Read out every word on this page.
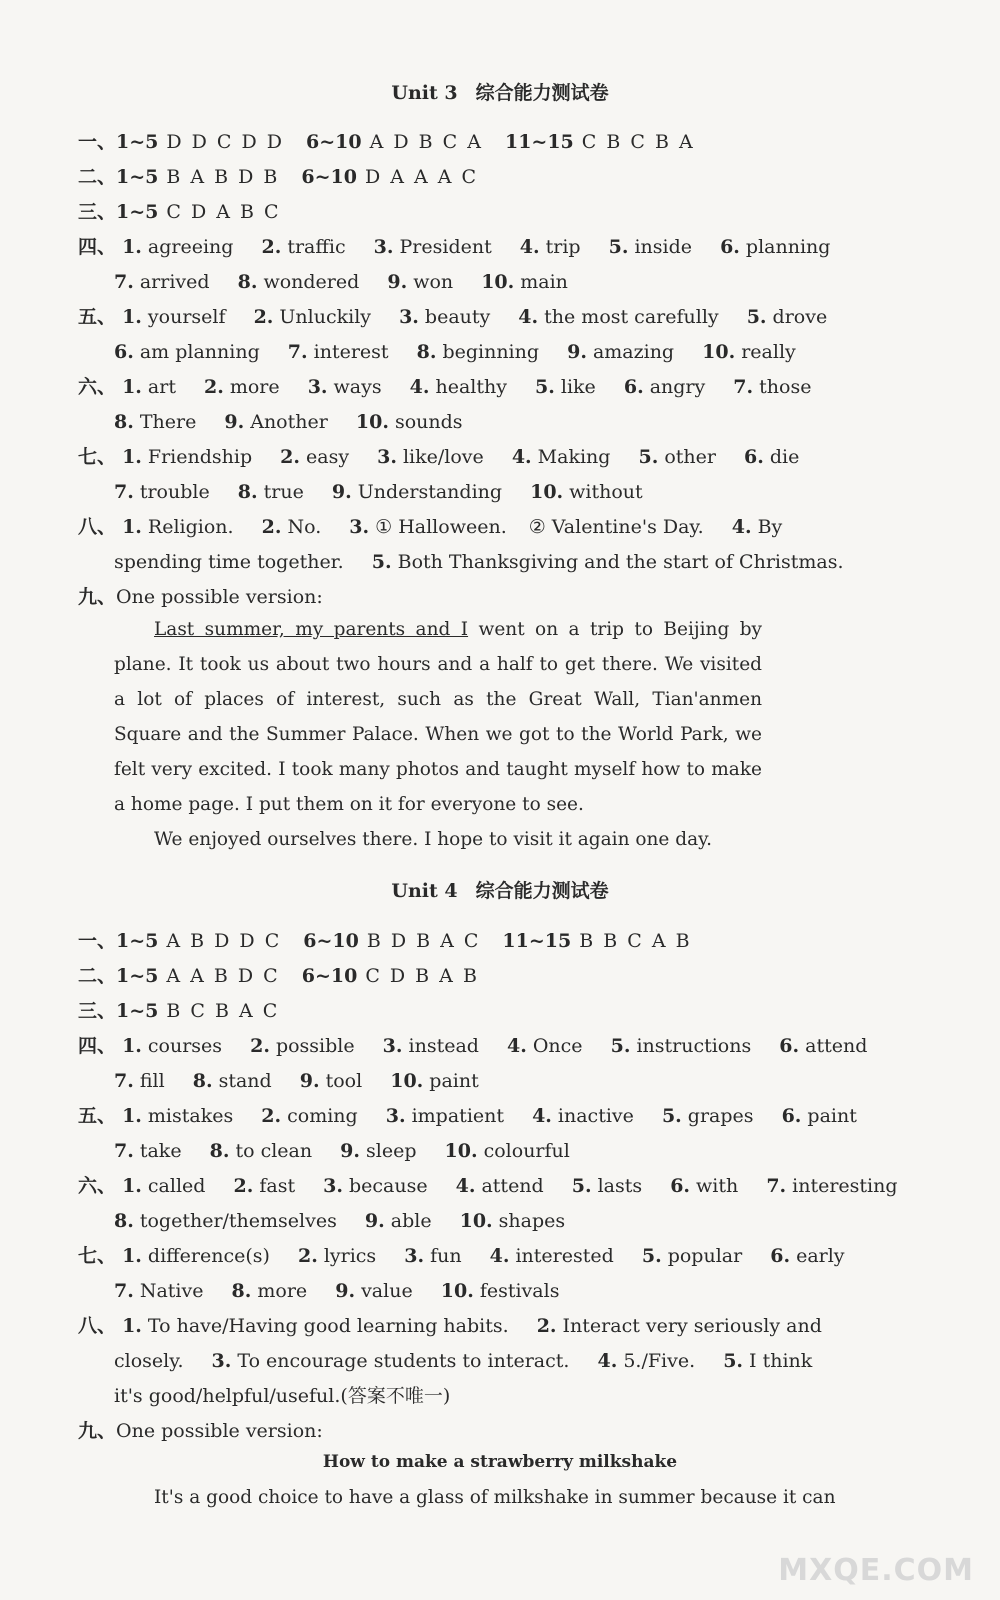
Unit 3 综合能力测试卷
一、1~5 D D C D D 6~10 A D B C A 11~15 C B C B A
二、1~5 B A B D B 6~10 D A A A C
三、1~5 C D A B C
四、 1. agreeing 2. traffic 3. President 4. trip 5. inside 6. planning
7. arrived 8. wondered 9. won 10. main
五、 1. yourself 2. Unluckily 3. beauty 4. the most carefully 5. drove
6. am planning 7. interest 8. beginning 9. amazing 10. really
六、 1. art 2. more 3. ways 4. healthy 5. like 6. angry 7. those
8. There 9. Another 10. sounds
七、 1. Friendship 2. easy 3. like/love 4. Making 5. other 6. die
7. trouble 8. true 9. Understanding 10. without
八、 1. Religion. 2. No. 3. ① Halloween. ② Valentine's Day. 4. By
spending time together. 5. Both Thanksgiving and the start of Christmas.
九、One possible version:
Last summer, my parents and I went on a trip to Beijing by plane. It took us about two hours and a half to get there. We visited a lot of places of interest, such as the Great Wall, Tian'anmen Square and the Summer Palace. When we got to the World Park, we felt very excited. I took many photos and taught myself how to make a home page. I put them on it for everyone to see.
We enjoyed ourselves there. I hope to visit it again one day.
Unit 4 综合能力测试卷
一、1~5 A B D D C 6~10 B D B A C 11~15 B B C A B
二、1~5 A A B D C 6~10 C D B A B
三、1~5 B C B A C
四、 1. courses 2. possible 3. instead 4. Once 5. instructions 6. attend
7. fill 8. stand 9. tool 10. paint
五、 1. mistakes 2. coming 3. impatient 4. inactive 5. grapes 6. paint
7. take 8. to clean 9. sleep 10. colourful
六、 1. called 2. fast 3. because 4. attend 5. lasts 6. with 7. interesting
8. together/themselves 9. able 10. shapes
七、 1. difference(s) 2. lyrics 3. fun 4. interested 5. popular 6. early
7. Native 8. more 9. value 10. festivals
八、 1. To have/Having good learning habits. 2. Interact very seriously and
closely. 3. To encourage students to interact. 4. 5./Five. 5. I think
it's good/helpful/useful.(答案不唯一)
九、One possible version:
How to make a strawberry milkshake
It's a good choice to have a glass of milkshake in summer because it can
MXQE.COM
